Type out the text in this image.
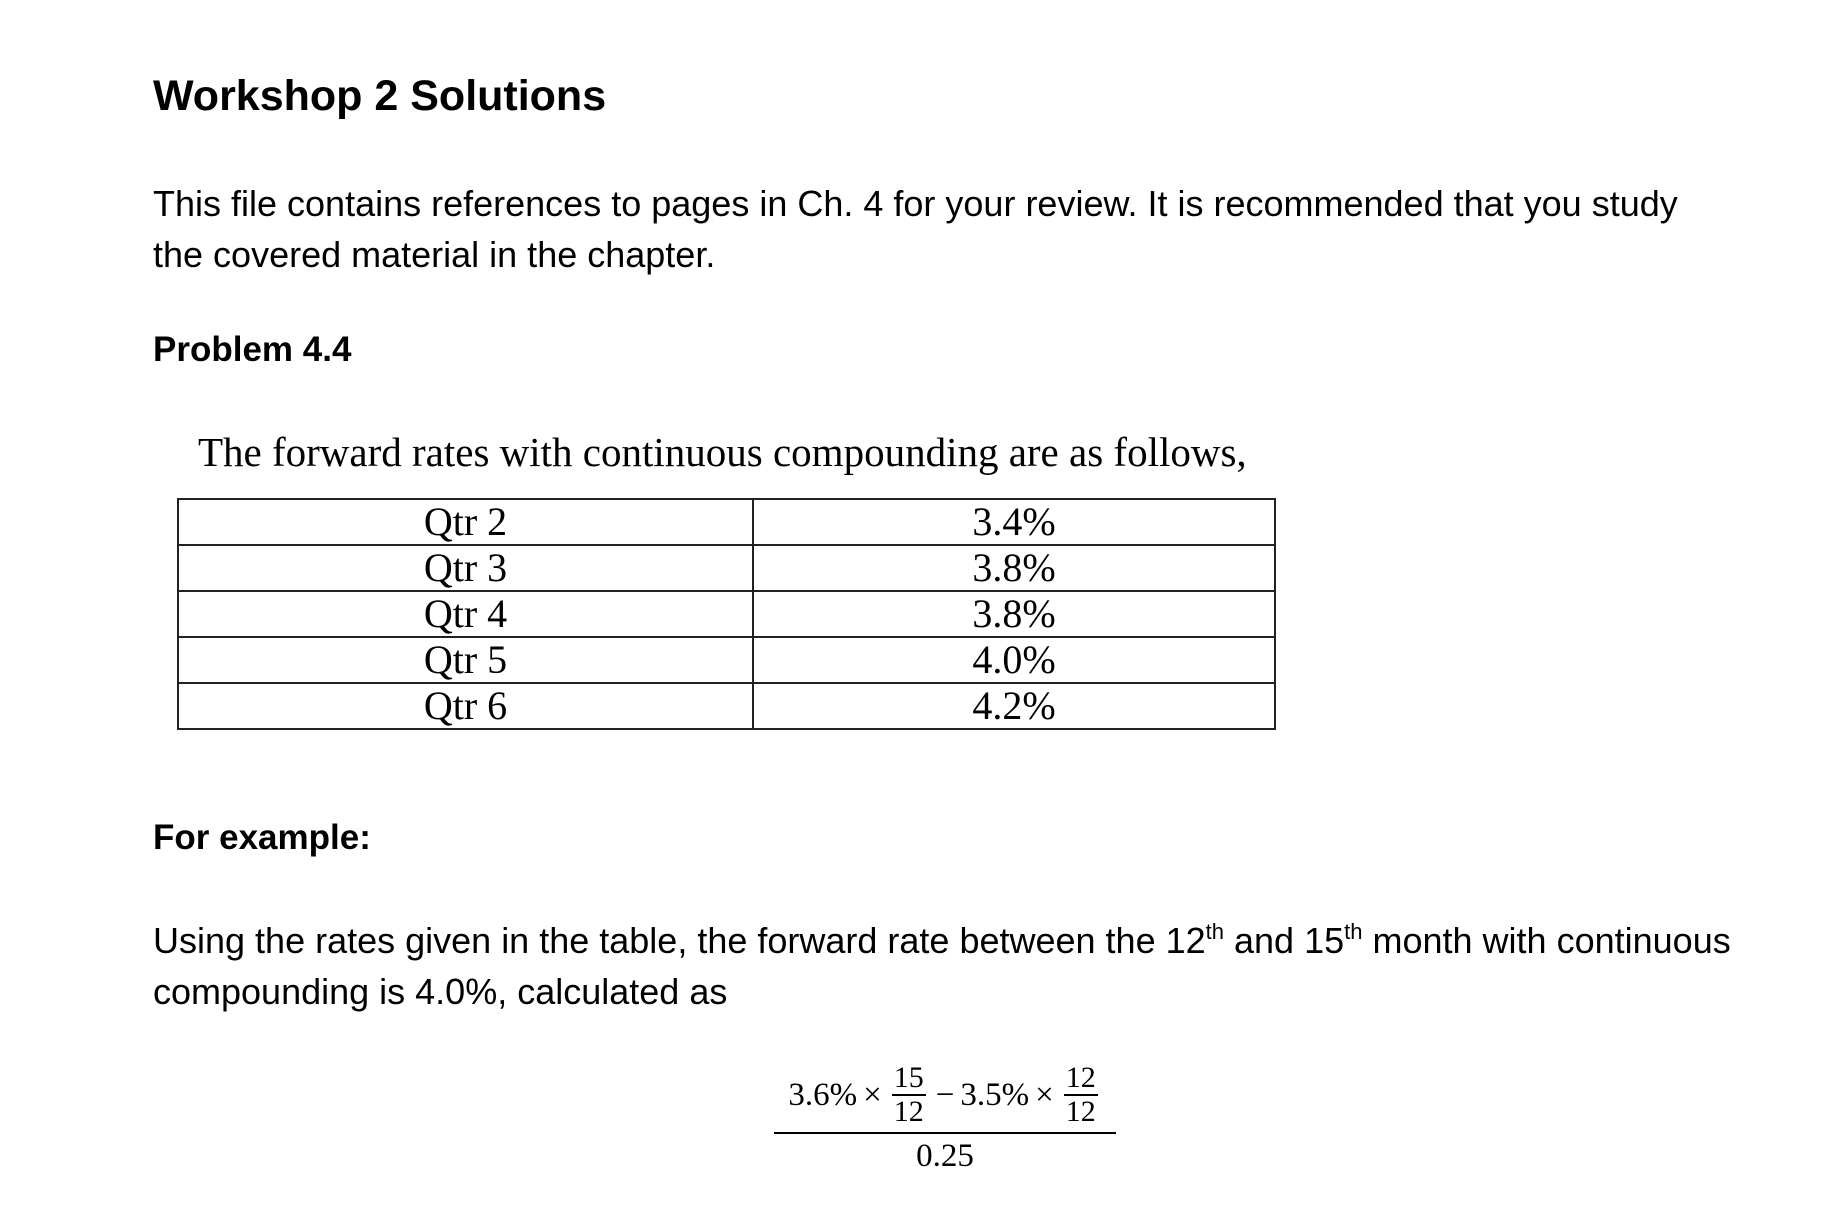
Workshop 2 Solutions

This file contains references to pages in Ch. 4 for your review. It is recommended that you study the covered material in the chapter.

Problem 4.4

The forward rates with continuous compounding are as follows,

Qtr 2	3.4%
Qtr 3	3.8%
Qtr 4	3.8%
Qtr 5	4.0%
Qtr 6	4.2%
For example:

Using the rates given in the table, the forward rate between the 12th and 15th month with continuous compounding is 4.0%, calculated as

$3.6\% \times \frac{15}{12} - 3.5\% \times \frac{12}{12}$
0.25
